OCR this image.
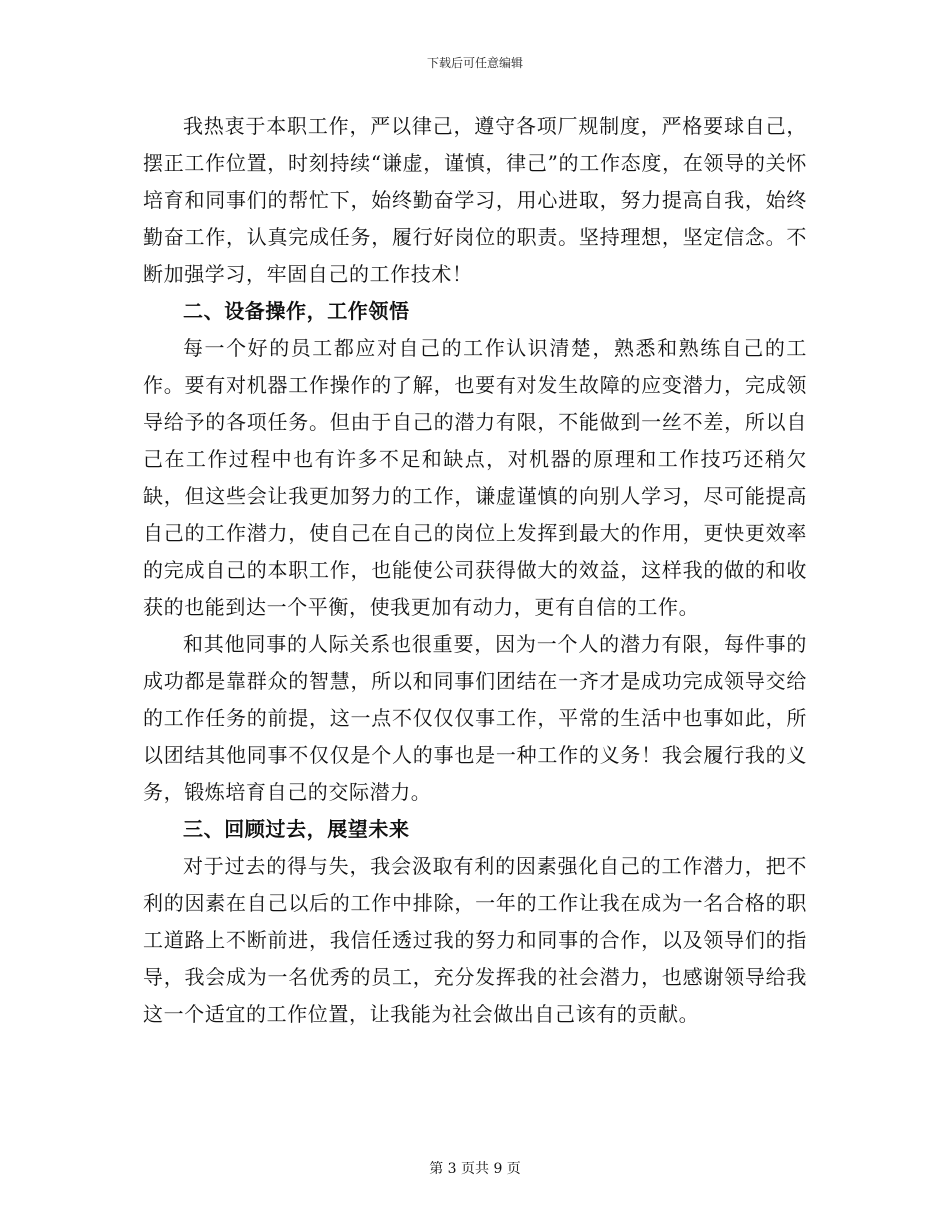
下载后可任意编辑

我热衷于本职工作，严以律己，遵守各项厂规制度，严格要球自己，摆正工作位置，时刻持续“谦虚，谨慎，律己”的工作态度，在领导的关怀培育和同事们的帮忙下，始终勤奋学习，用心进取，努力提高自我，始终勤奋工作，认真完成任务，履行好岗位的职责。坚持理想，坚定信念。不断加强学习，牢固自己的工作技术！

二、设备操作，工作领悟

每一个好的员工都应对自己的工作认识清楚，熟悉和熟练自己的工作。要有对机器工作操作的了解，也要有对发生故障的应变潜力，完成领导给予的各项任务。但由于自己的潜力有限，不能做到一丝不差，所以自己在工作过程中也有许多不足和缺点，对机器的原理和工作技巧还稍欠缺，但这些会让我更加努力的工作，谦虚谨慎的向别人学习，尽可能提高自己的工作潜力，使自己在自己的岗位上发挥到最大的作用，更快更效率的完成自己的本职工作，也能使公司获得做大的效益，这样我的做的和收获的也能到达一个平衡，使我更加有动力，更有自信的工作。

和其他同事的人际关系也很重要，因为一个人的潜力有限，每件事的成功都是靠群众的智慧，所以和同事们团结在一齐才是成功完成领导交给的工作任务的前提，这一点不仅仅仅事工作，平常的生活中也事如此，所以团结其他同事不仅仅是个人的事也是一种工作的义务！我会履行我的义务，锻炼培育自己的交际潜力。

三、回顾过去，展望未来

对于过去的得与失，我会汲取有利的因素强化自己的工作潜力，把不利的因素在自己以后的工作中排除，一年的工作让我在成为一名合格的职工道路上不断前进，我信任透过我的努力和同事的合作，以及领导们的指导，我会成为一名优秀的员工，充分发挥我的社会潜力，也感谢领导给我这一个适宜的工作位置，让我能为社会做出自己该有的贡献。

第 3 页共 9 页
